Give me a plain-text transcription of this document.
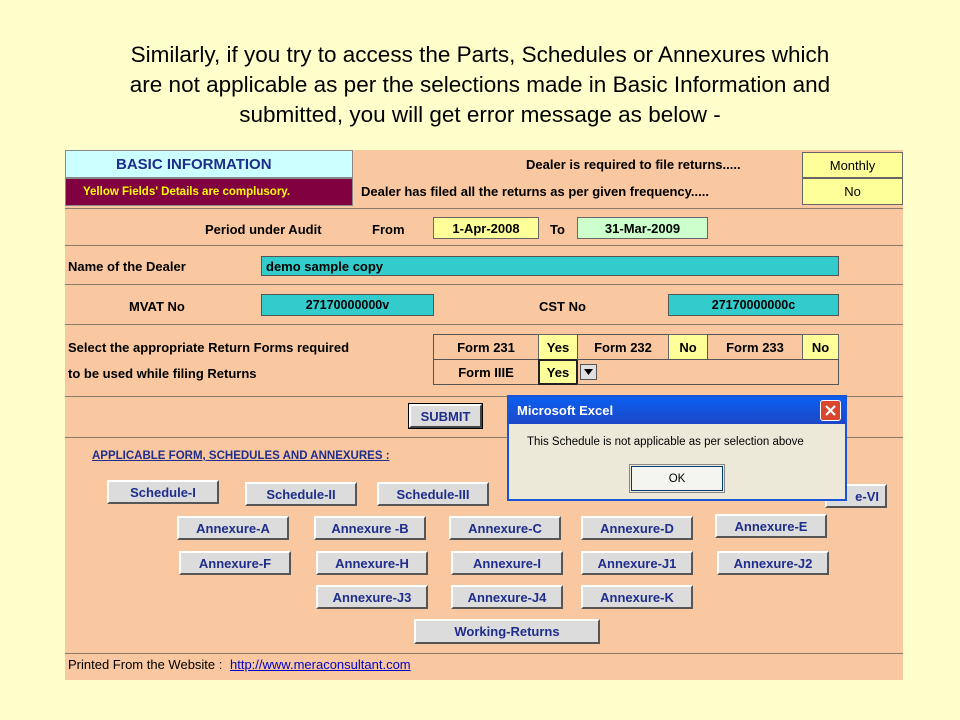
Similarly, if you try to access the Parts, Schedules or Annexures which
are not applicable as per the selections made in Basic Information and
submitted, you will get error message as below -
BASIC INFORMATION
Yellow Fields' Details are complusory.
Dealer is required to file returns.....	Monthly
Dealer has filed all the returns as per given frequency.....	No
Period under Audit	From	1-Apr-2008	To	31-Mar-2009
Name of the Dealer	demo sample copy
MVAT No	27170000000v	CST No	27170000000c
Select the appropriate Return Forms required
to be used while filing Returns
Form 231	Yes	Form 232	No	Form 233	No
Form IIIE	Yes
SUBMIT
APPLICABLE FORM, SCHEDULES AND ANNEXURES :
Schedule-I	Schedule-II	Schedule-III	e-VI
Annexure-A	Annexure -B	Annexure-C	Annexure-D	Annexure-E
Annexure-F	Annexure-H	Annexure-I	Annexure-J1	Annexure-J2
Annexure-J3	Annexure-J4	Annexure-K
Working-Returns
Printed From the Website : http://www.meraconsultant.com
Microsoft Excel
This Schedule is not applicable as per selection above
OK
